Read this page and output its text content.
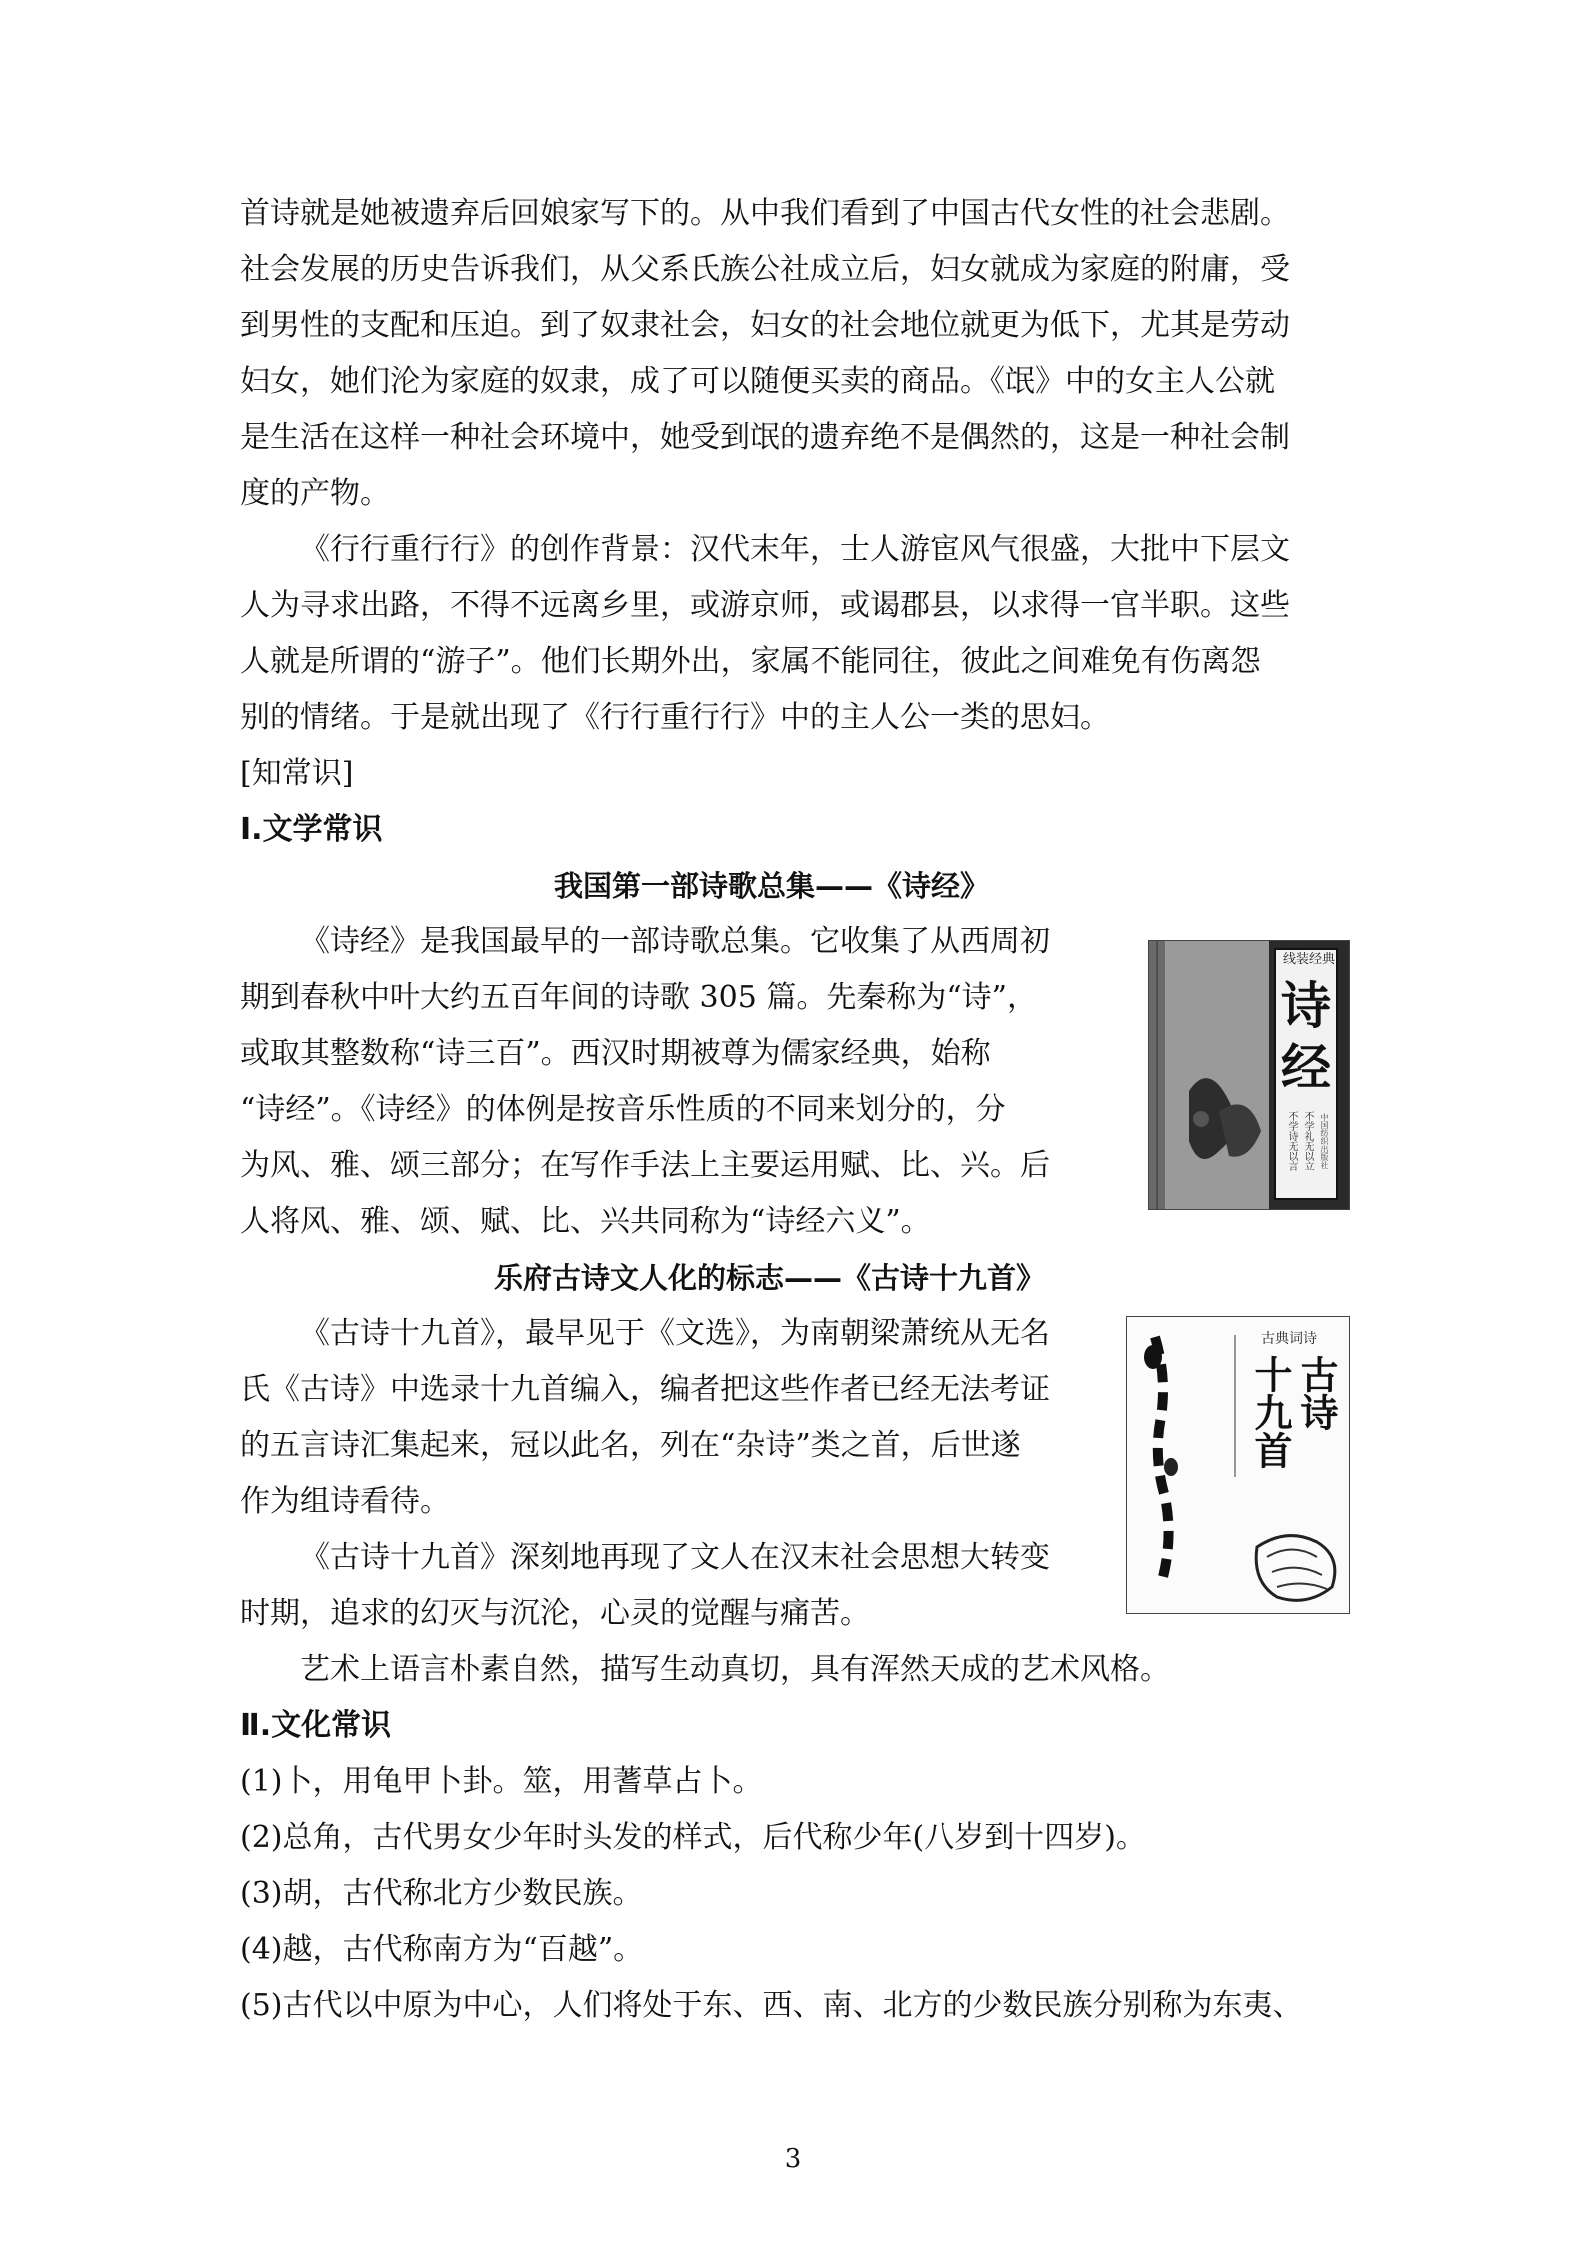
首诗就是她被遗弃后回娘家写下的。从中我们看到了中国古代女性的社会悲剧。
社会发展的历史告诉我们，从父系氏族公社成立后，妇女就成为家庭的附庸，受
到男性的支配和压迫。到了奴隶社会，妇女的社会地位就更为低下，尤其是劳动
妇女，她们沦为家庭的奴隶，成了可以随便买卖的商品。《氓》中的女主人公就
是生活在这样一种社会环境中，她受到氓的遗弃绝不是偶然的，这是一种社会制
度的产物。
《行行重行行》的创作背景：汉代末年，士人游宦风气很盛，大批中下层文
人为寻求出路，不得不远离乡里，或游京师，或谒郡县，以求得一官半职。这些
人就是所谓的“游子”。他们长期外出，家属不能同往，彼此之间难免有伤离怨
别的情绪。于是就出现了《行行重行行》中的主人公一类的思妇。
[知常识]
Ⅰ.文学常识
我国第一部诗歌总集——《诗经》
《诗经》是我国最早的一部诗歌总集。它收集了从西周初
期到春秋中叶大约五百年间的诗歌 305 篇。先秦称为“诗”，
或取其整数称“诗三百”。西汉时期被尊为儒家经典，始称
“诗经”。《诗经》的体例是按音乐性质的不同来划分的，分
为风、雅、颂三部分；在写作手法上主要运用赋、比、兴。后
人将风、雅、颂、赋、比、兴共同称为“诗经六义”。
线装经典
诗
经
不学诗无以言 不学礼无以立 中国纺织出版社
乐府古诗文人化的标志——《古诗十九首》
《古诗十九首》，最早见于《文选》，为南朝梁萧统从无名
氏《古诗》中选录十九首编入，编者把这些作者已经无法考证
的五言诗汇集起来，冠以此名，列在“杂诗”类之首，后世遂
作为组诗看待。
《古诗十九首》深刻地再现了文人在汉末社会思想大转变
时期，追求的幻灭与沉沦，心灵的觉醒与痛苦。
艺术上语言朴素自然，描写生动真切，具有浑然天成的艺术风格。
古典词诗
古诗
十九首
Ⅱ.文化常识
(1)卜，用龟甲卜卦。筮，用蓍草占卜。
(2)总角，古代男女少年时头发的样式，后代称少年(八岁到十四岁)。
(3)胡，古代称北方少数民族。
(4)越，古代称南方为“百越”。
(5)古代以中原为中心，人们将处于东、西、南、北方的少数民族分别称为东夷、
3
